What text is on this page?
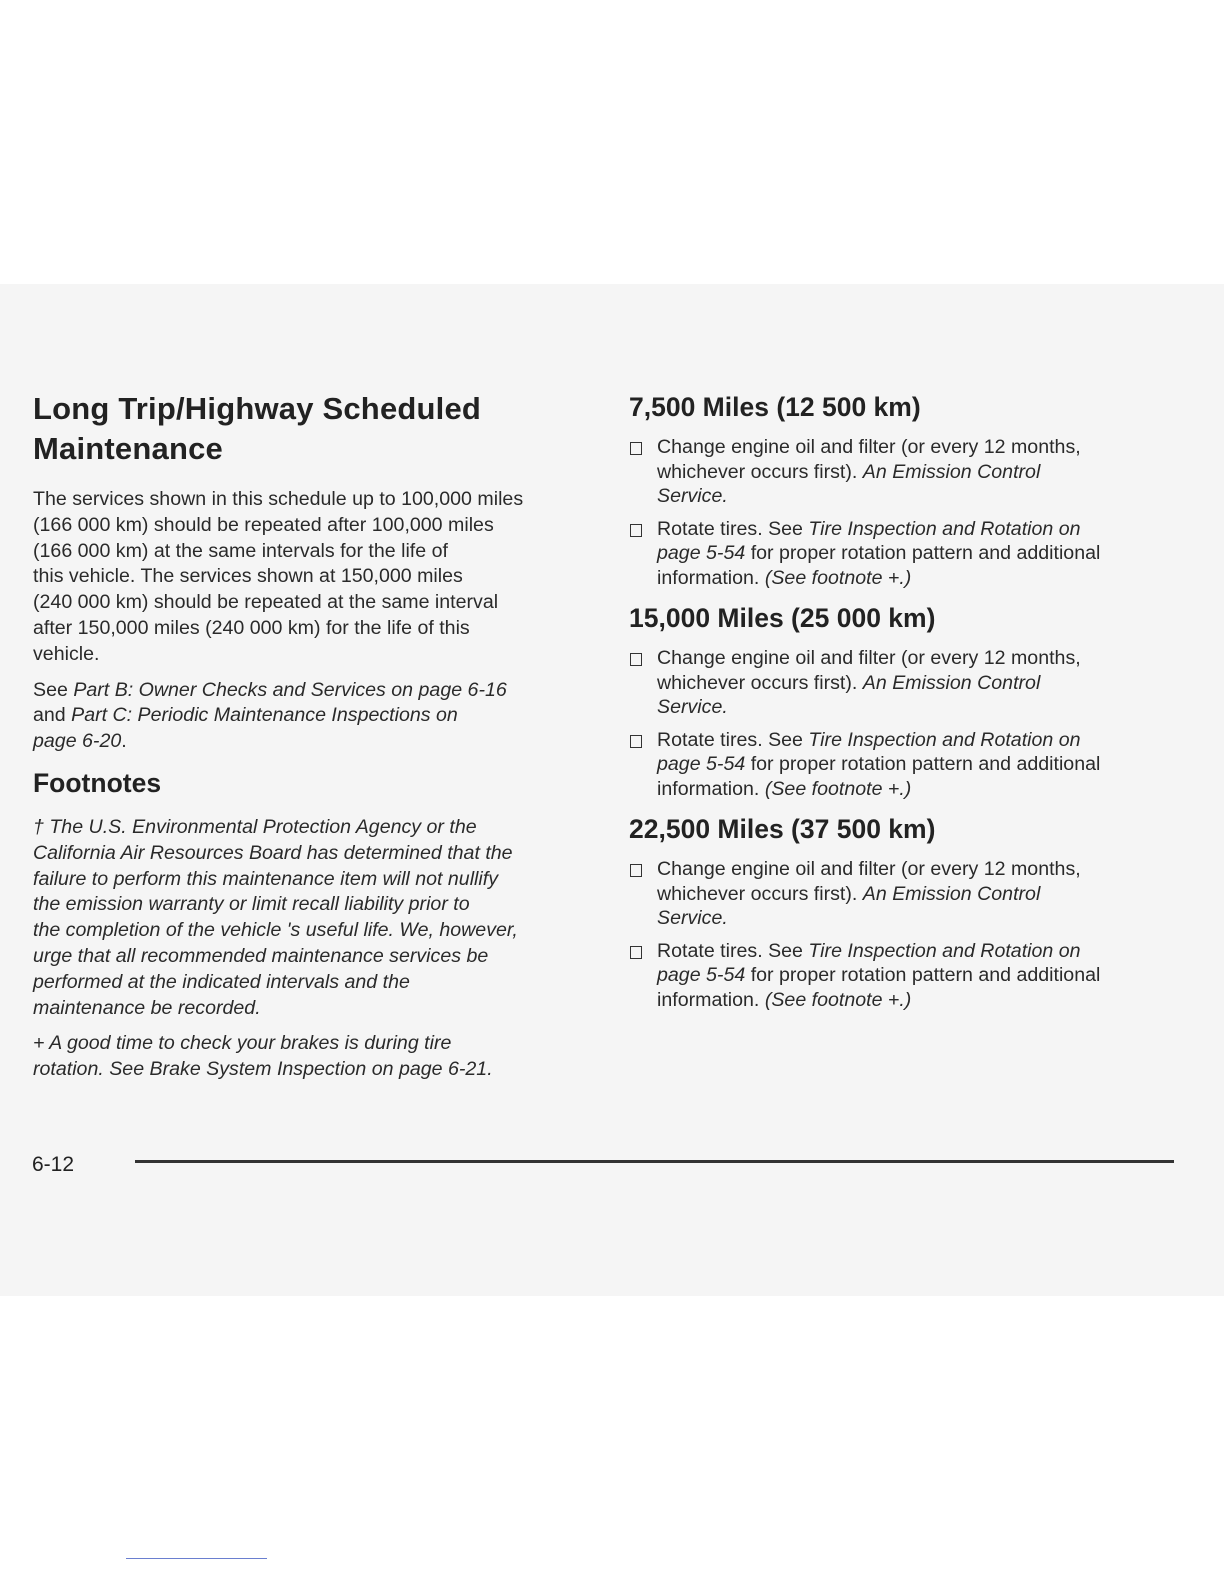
Long Trip/Highway Scheduled
Maintenance

The services shown in this schedule up to 100,000 miles
(166 000 km) should be repeated after 100,000 miles
(166 000 km) at the same intervals for the life of
this vehicle. The services shown at 150,000 miles
(240 000 km) should be repeated at the same interval
after 150,000 miles (240 000 km) for the life of this
vehicle.

See Part B: Owner Checks and Services on page 6-16
and Part C: Periodic Maintenance Inspections on
page 6-20.

Footnotes

† The U.S. Environmental Protection Agency or the
California Air Resources Board has determined that the
failure to perform this maintenance item will not nullify
the emission warranty or limit recall liability prior to
the completion of the vehicle 's useful life. We, however,
urge that all recommended maintenance services be
performed at the indicated intervals and the
maintenance be recorded.

+ A good time to check your brakes is during tire
rotation. See Brake System Inspection on page 6-21.

7,500 Miles (12 500 km)
Change engine oil and filter (or every 12 months,
whichever occurs first). An Emission Control
Service.
Rotate tires. See Tire Inspection and Rotation on
page 5-54 for proper rotation pattern and additional
information. (See footnote +.)
15,000 Miles (25 000 km)
Change engine oil and filter (or every 12 months,
whichever occurs first). An Emission Control
Service.
Rotate tires. See Tire Inspection and Rotation on
page 5-54 for proper rotation pattern and additional
information. (See footnote +.)
22,500 Miles (37 500 km)
Change engine oil and filter (or every 12 months,
whichever occurs first). An Emission Control
Service.
Rotate tires. See Tire Inspection and Rotation on
page 5-54 for proper rotation pattern and additional
information. (See footnote +.)
6-12
